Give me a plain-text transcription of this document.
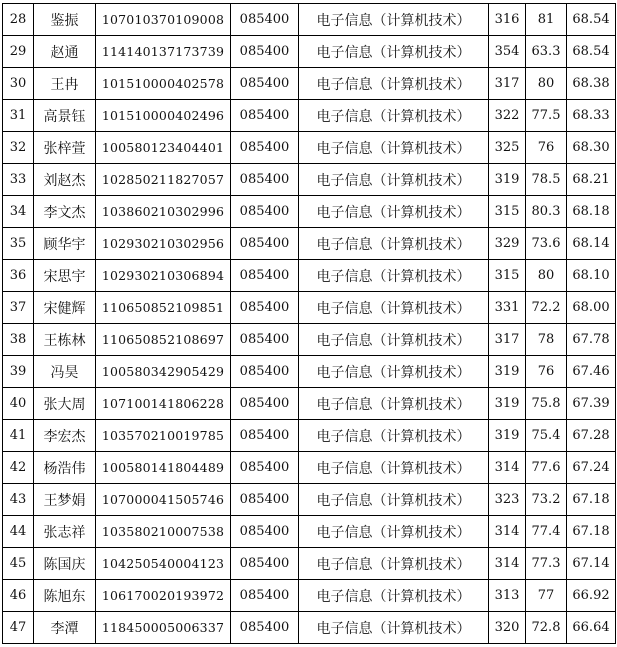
28	鉴振	107010370109008	085400	电子信息（计算机技术）	316	81	68.54
29	赵通	114140137173739	085400	电子信息（计算机技术）	354	63.3	68.54
30	王冉	101510000402578	085400	电子信息（计算机技术）	317	80	68.38
31	高景钰	101510000402496	085400	电子信息（计算机技术）	322	77.5	68.33
32	张梓萱	100580123404401	085400	电子信息（计算机技术）	325	76	68.30
33	刘赵杰	102850211827057	085400	电子信息（计算机技术）	319	78.5	68.21
34	李文杰	103860210302996	085400	电子信息（计算机技术）	315	80.3	68.18
35	顾华宇	102930210302956	085400	电子信息（计算机技术）	329	73.6	68.14
36	宋思宇	102930210306894	085400	电子信息（计算机技术）	315	80	68.10
37	宋健辉	110650852109851	085400	电子信息（计算机技术）	331	72.2	68.00
38	王栋林	110650852108697	085400	电子信息（计算机技术）	317	78	67.78
39	冯昊	100580342905429	085400	电子信息（计算机技术）	319	76	67.46
40	张大周	107100141806228	085400	电子信息（计算机技术）	319	75.8	67.39
41	李宏杰	103570210019785	085400	电子信息（计算机技术）	319	75.4	67.28
42	杨浩伟	100580141804489	085400	电子信息（计算机技术）	314	77.6	67.24
43	王梦娟	107000041505746	085400	电子信息（计算机技术）	323	73.2	67.18
44	张志祥	103580210007538	085400	电子信息（计算机技术）	314	77.4	67.18
45	陈国庆	104250540004123	085400	电子信息（计算机技术）	314	77.3	67.14
46	陈旭东	106170020193972	085400	电子信息（计算机技术）	313	77	66.92
47	李潭	118450005006337	085400	电子信息（计算机技术）	320	72.8	66.64
